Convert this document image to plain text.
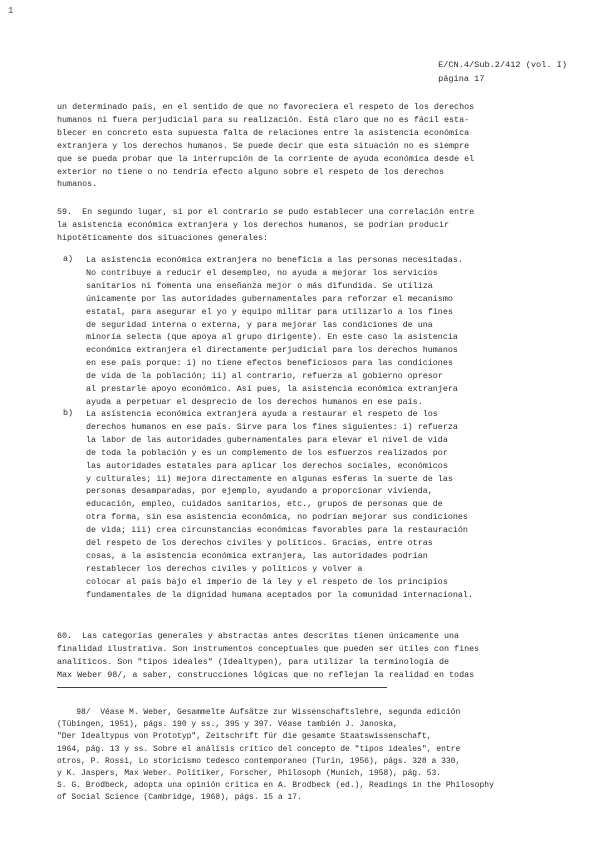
1
E/CN.4/Sub.2/412 (vol. I)
página 17
un determinado país, en el sentido de que no favoreciera el respeto de los derechos
humanos ni fuera perjudicial para su realización. Está claro que no es fácil esta-
blecer en concreto esta supuesta falta de relaciones entre la asistencia económica
extranjera y los derechos humanos. Se puede decir que esta situación no es siempre
que se pueda probar que la interrupción de la corriente de ayuda económica desde el
exterior no tiene o no tendría efecto alguno sobre el respeto de los derechos
humanos.
59.  En segundo lugar, si por el contrario se pudo establecer una correlación entre
la asistencia económica extranjera y los derechos humanos, se podrían producir
hipotéticamente dos situaciones generales:
a) La asistencia económica extranjera no beneficia a las personas necesitadas.
No contribuye a reducir el desempleo, no ayuda a mejorar los servicios
sanitarios ni fomenta una enseñanza mejor o más difundida. Se utiliza
únicamente por las autoridades gubernamentales para reforzar el mecanismo
estatal, para asegurar el yo y equipo militar para utilizarlo a los fines
de seguridad interna o externa, y para mejorar las condiciones de una
minoría selecta (que apoya al grupo dirigente). En este caso la asistencia
económica extranjera el directamente perjudicial para los derechos humanos
en ese país porque: i) no tiene efectos beneficiosos para las condiciones
de vida de la población; ii) al contrario, refuerza al gobierno opresor
al prestarle apoyo económico. Así pues, la asistencia económica extranjera
ayuda a perpetuar el desprecio de los derechos humanos en ese país.
b) La asistencia económica extranjera ayuda a restaurar el respeto de los
derechos humanos en ese país. Sirve para los fines siguientes: i) refuerza
la labor de las autoridades gubernamentales para elevar el nivel de vida
de toda la población y es un complemento de los esfuerzos realizados por
las autoridades estatales para aplicar los derechos sociales, económicos
y culturales; ii) mejora directamente en algunas esferas la suerte de las
personas desamparadas, por ejemplo, ayudando a proporcionar vivienda,
educación, empleo, cuidados sanitarios, etc., grupos de personas que de
otra forma, sin esa asistencia económica, no podrían mejorar sus condiciones
de vida; iii) crea circunstancias económicas favorables para la restauración
del respeto de los derechos civiles y políticos. Gracias, entre otras
cosas, a la asistencia económica extranjera, las autoridades podrían
restablecer los derechos civiles y políticos y volver a
colocar al país bajo el imperio de la ley y el respeto de los principios
fundamentales de la dignidad humana aceptados por la comunidad internacional.
60.  Las categorías generales y abstractas antes descritas tienen únicamente una
finalidad ilustrativa. Son instrumentos conceptuales que pueden ser útiles con fines
analíticos. Son "tipos ideales" (Idealtypen), para utilizar la terminología de
Max Weber 98/, a saber, construcciones lógicas que no reflejan la realidad en todas
98/  Véase M. Weber, Gesammelte Aufsätze zur Wissenschaftslehre, segunda edición
(Tübingen, 1951), págs. 190 y ss., 395 y 397. Véase también J. Janoska,
"Der Idealtypus von Prototyp", Zeitschrift für die gesamte Staatswissenschaft,
1964, pág. 13 y ss. Sobre el análisis crítico del concepto de "tipos ideales", entre
otros, P. Rossi, Lo storicismo tedesco contemporaneo (Turín, 1956), págs. 328 a 330,
y K. Jaspers, Max Weber. Politiker, Forscher, Philosoph (Munich, 1958), pág. 53.
S. G. Brodbeck, adopta una opinión crítica en A. Brodbeck (ed.), Readings in the Philosophy
of Social Science (Cambridge, 1968), págs. 15 a 17.
